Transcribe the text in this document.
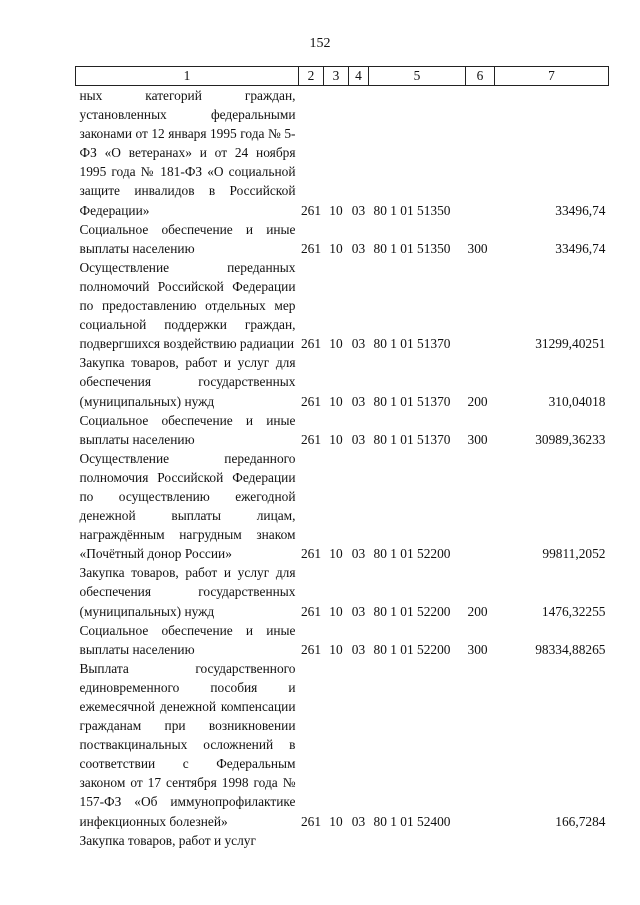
152
1	2	3	4	5	6	7

ных категорий граждан, установленных федеральными законами от 12 января 1995 года № 5-ФЗ «О ветеранах» и от 24 ноября 1995 года № 181-ФЗ «О социальной защите инвалидов в Российской Федерации»	261	10	03	80 1 01 51350		33496,74

Социальное обеспечение и иные выплаты населению	261	10	03	80 1 01 51350	300	33496,74

Осуществление переданных полномочий Российской Федерации по предоставлению отдельных мер социальной поддержки граждан, подвергшихся воздействию радиации	261	10	03	80 1 01 51370		31299,40251

Закупка товаров, работ и услуг для обеспечения государственных (муниципальных) нужд	261	10	03	80 1 01 51370	200	310,04018

Социальное обеспечение и иные выплаты населению	261	10	03	80 1 01 51370	300	30989,36233

Осуществление переданного полномочия Российской Федерации по осуществлению ежегодной денежной выплаты лицам, награждённым нагрудным знаком «Почётный донор России»	261	10	03	80 1 01 52200		99811,2052

Закупка товаров, работ и услуг для обеспечения государственных (муниципальных) нужд	261	10	03	80 1 01 52200	200	1476,32255

Социальное обеспечение и иные выплаты населению	261	10	03	80 1 01 52200	300	98334,88265

Выплата государственного единовременного пособия и ежемесячной денежной компенсации гражданам при возникновении поствакцинальных осложнений в соответствии с Федеральным законом от 17 сентября 1998 года № 157-ФЗ «Об иммунопрофилактике инфекционных болезней»	261	10	03	80 1 01 52400		166,7284

Закупка товаров, работ и услуг						
